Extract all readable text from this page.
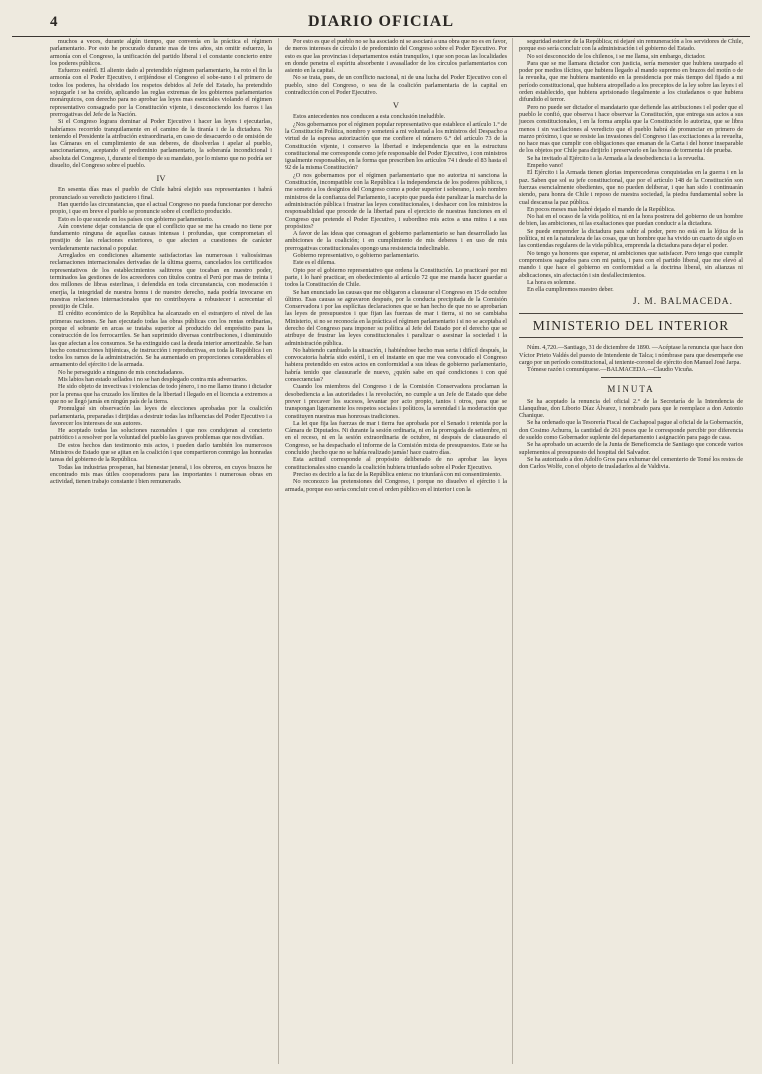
4	DIARIO OFICIAL

muchos a veces, durante algún tiempo, que convenía en la práctica el régimen parlamentario. Por esto he procurado durante mas de tres años, sin omitir esfuerzo, la armonía con el Congreso, la unificación del partido liberal i el constante concierto entre los poderes públicos.

Esfuerzo estéril. El aliento dado al pretendido régimen parlamentario, ha roto el fin la armonía con el Poder Ejecutivo, i erijiéndose el Congreso el sobe-rano i el primero de todos los poderes, ha olvidado los respetos debidos al Jefe del Estado, ha pretendido sojuzgarle i se ha creído, aplicando las reglas extremas de los gobiernos parlamentarios monárquicos, con derecho para no aprobar las leyes mas esenciales violando el régimen representativo consagrado por la Constitución vijente, i desconociendo los fueros i las prerrogativas del Jefe de la Nación.

Si el Congreso lograra dominar al Poder Ejecutivo i hacer las leyes i ejecutarlas, habríamos recorrido tranquilamente en el camino de la tiranía i de la dictadura. No teniendo el Presidente la atribución extraordinaria, en caso de desacuerdo o de omisión de las Cámaras en el cumplimiento de sus deberes, de disolverlas i apelar al pueblo, sancionaríamos, aceptando el predominio parlamentario, la soberanía incondicional i absoluta del Congreso, i, durante el tiempo de su mandato, por lo mismo que no podría ser disuelto, del Congreso sobre el pueblo.

IV

En sesenta días mas el pueblo de Chile habrá elejido sus representantes i habrá pronunciado su veredicto justiciero i final.

Han querido las circunstancias, que el actual Congreso no pueda funcionar por derecho propio, i que en breve el pueblo se pronuncie sobre el conflicto producido.

Esto es lo que sucede en los países con gobierno parlamentario.

Aún conviene dejar constancia de que el conflicto que se me ha creado no tiene por fundamento ninguna de aquellas causas intensas i profundas, que comprometan el prestijio de las relaciones exteriores, o que afecten a cuestiones de carácter verdaderamente nacional o popular.

Arreglados en condiciones altamente satisfactorias las numerosas i valiosísimas reclamaciones internacionales derivadas de la última guerra, cancelados los certificados representativos de los establecimientos salitreros que tocaban en nuestro poder, terminados las gestiones de los acreedores con títulos contra el Perú por mas de treinta i dos millones de libras esterlinas, i defendida en toda circunstancia, con moderación i enerjía, la integridad de nuestra honra i de nuestro derecho, nada podría invocarse en nuestras relaciones internacionales que no contribuyera a robustecer i acrecentar el prestijio de Chile.

El crédito económico de la República ha alcanzado en el estranjero el nivel de las primeras naciones. Se han ejecutado todas las obras públicas con los rentas ordinarias, porque el sobrante en arcas se trataba superior al producido del empréstito para la construcción de los ferrocarriles. Se han suprimido diversas contribuciones, i disminuido las que afectan a los consumos. Se ha extinguido casi la deuda interior amortizable. Se han hecho construcciones hijiénicas, de instrucción i reproductivas, en toda la República i en todos los ramos de la administración. Se ha aumentado en proporciones considerables el armamento del ejército i de la armada.

No he perseguido a ninguno de mis conciudadanos.

Mis labios han estado sellados i no se han desplegado contra mis adversarios.

He sido objeto de invectivas i violencias de todo jénero, i no me llamo tirano i dictador por la prensa que ha cruzado los límites de la libertad i llegado en el licencia a extremos a que no se llegó jamás en ningún país de la tierra.

Promulgué sin observación las leyes de elecciones aprobadas por la coalición parlamentaria, preparadas i dirijidas a destruir todas las influencias del Poder Ejecutivo i a favorecer los intereses de sus autores.

He aceptado todas las soluciones razonables i que nos condujeran al concierto patriótico i a resolver por la voluntad del pueblo las graves problemas que nos dividían.

De estos hechos dan testimonio mis actos, i pueden darlo también los numerosos Ministros de Estado que se ajitan en la coalición i que compartieron conmigo las honradas tareas del gobierno de la República.

Todas las industrias prosperan, hai bienestar jeneral, i los obreros, en cuyos brazos he encontrado mis mas útiles cooperadores para las importantes i numerosas obras en actividad, tienen trabajo constante i bien remunerado.

Por esto es que el pueblo no se ha asociado ni se asociará a una obra que no es en favor, de meros intereses de círculo i de predominio del Congreso sobre el Poder Ejecutivo. Por esto es que las provincias i departamentos están tranquilos, i que son pocas las localidades en donde penetra el espíritu absorbente i avasallador de los círculos parlamentarios con asiento en la capital.

No se trata, pues, de un conflicto nacional, ni de una lucha del Poder Ejecutivo con el pueblo, sino del Congreso, o sea de la coalición parlamentaria de la capital en contradicción con el Poder Ejecutivo.

V

Estos antecedentes nos conducen a esta conclusión ineludible.

¿Nos gobernamos por el régimen popular representativo que establece el artículo 1.° de la Constitución Política, nombro y someterá a mi voluntad a los ministros del Despacho a virtud de la espresa autorización que me confiere el número 6.° del artículo 73 de la Constitución vijente, i conservo la libertad e independencia que en la estructura constitucional me corresponde como jefe responsable del Poder Ejecutivo, i con ministros igualmente responsables, en la forma que prescriben los artículos 74 i desde el 83 hasta el 92 de la misma Constitución?

¿O nos gobernamos por el régimen parlamentario que no autoriza ni sanciona la Constitución, incompatible con la República i la independencia de los poderes públicos, i me someto a los designios del Congreso como a poder superior i soberano, i solo nombro ministros de la confianza del Parlamento, i acepto que pueda éste paralizar la marcha de la administración pública i frustrar las leyes constitucionales, i deshacer con los ministros la responsabilidad que procede de la libertad para el ejercicio de nuestras funciones en el Congreso que pretende el Poder Ejecutivo, i subordino mis actos a una mitra i a sus propósitos?

A favor de las ideas que consagran el gobierno parlamentario se han desarrollado las ambiciones de la coalición; i en cumplimiento de mis deberes i en uso de mis prerrogativas constitucionales opongo una resistencia indeclinable.

Gobierno representativo, o gobierno parlamentario.

Este es el dilema.

Opto por el gobierno representativo que ordena la Constitución. Lo practicaré por mi parte, i lo haré practicar, en obedecimiento al artículo 72 que me manda hacer guardar a todos la Constitución de Chile.

Se han enunciado las causas que me obligaron a clausurar el Congreso en 15 de octubre último. Esas causas se agravaron después, por la conducta precipitada de la Comisión Conservadora i por las esplícitas declaraciones que se han hecho de que no se aprobarían las leyes de presupuestos i que fijan las fuerzas de mar i tierra, si no se cambiaba Ministerio, si no se reconocía en la práctica el régimen parlamentario i si no se aceptaba el derecho del Congreso para imponer su política al Jefe del Estado por el derecho que se atribuye de frustrar las leyes constitucionales i paralizar o asesinar la sociedad i la administración pública.

No habiendo cambiado la situación, i habiéndose hecho mas seria i difícil después, la convocatoria habría sido estéril, i en el instante en que me vea convocado el Congreso habiera pretendido en estos actos en conformidad a sus ideas de gobierno parlamentario, habría tenido que clausurarle de nuevo, ¿quién sabe en qué condiciones i con qué consecuencias?

Cuando los miembros del Congreso i de la Comisión Conservadora proclaman la desobediencia a las autoridades i la revolución, no cumple a un Jefe de Estado que debe prever i precaver los sucesos, levantar por acto propio, tantos i otros, para que se transpongan ligeramente los respetos sociales i políticos, la serenidad i la moderación que constituyen nuestras mas honrosas tradiciones.

La lei que fija las fuerzas de mar i tierra fue aprobada por el Senado i retenida por la Cámara de Diputados. Ni durante la sesión ordinaria, ni en la prorrogada de setiembre, ni en el receso, ni en la sesión extraordinaria de octubre, ni después de clausurado el Congreso, se ha despachado el informe de la Comisión mixta de presupuestos. Este se ha concluido ¡hecho que no se había realizado jamás! hace cuatro días.

Esta actitud corresponde al propósito deliberado de no aprobar las leyes constitucionales sino cuando la coalición hubiera triunfado sobre el Poder Ejecutivo.

Preciso es decirlo a la faz de la República entera: no triunfará con mi consentimiento.

No reconozco las pretensiones del Congreso, i porque no disuelvo el ejército i la armada, porque eso sería concluir con el orden público en el interior i con la

seguridad esterior de la República; ni dejaré sin remuneración a los servidores de Chile, porque eso sería concluir con la administración i el gobierno del Estado.

No soi desconocido de los chilenos, i se me llama, sin embargo, dictador.

Para que se me llamara dictador con justicia, sería menester que hubiera usurpado el poder por medios ilícitos, que hubiera llegado al mando supremo en brazos del motín o de la revuelta, que me hubiera mantenido en la presidencia por más tiempo del fijado a mi período constitucional, que hubiera atropellado a los preceptos de la ley sobre las leyes i el orden establecido, que hubiera aprisionado ilegalmente a los ciudadanos o que hubiera difundido el terror.

Pero no puede ser dictador el mandatario que defiende las atribuciones i el poder que el pueblo le confió, que observa i hace observar la Constitución, que entrega sus actos a sus jueces constitucionales, i en la forma amplia que la Constitución lo autoriza, que se libra menos i sin vacilaciones al veredicto que el pueblo habrá de pronunciar en primero de marzo próximo, i que se resiste las invasiones del Congreso i las excitaciones a la revuelta, no hace mas que cumplir con obligaciones que emanan de la Carta i del honor inseparable de los objetos por Chile para dirijirlo i preservarlo en las horas de tormenta i de prueba.

Se ha invitado al Ejército i a la Armada a la desobediencia i a la revuelta.

Empeño vano!

El Ejército i la Armada tienen glorias imperecederas conquistadas en la guerra i en la paz. Saben que sol su jefe constitucional, que por el artículo 148 de la Constitución son fuerzas esencialmente obedientes, que no pueden deliberar, i que han sido i continuarán siendo, para honra de Chile i reposo de nuestra sociedad, la piedra fundamental sobre la cual descansa la paz pública.

En pocos meses mas habré dejado el mando de la República.

No hai en el ocaso de la vida política, ni en la hora postrera del gobierno de un hombre de bien, las ambiciones, ni las exaltaciones que puedan conducir a la dictadura.

Se puede emprender la dictadura para subir al poder, pero no está en la lójica de la política, ni en la naturaleza de las cosas, que un hombre que ha vivido un cuarto de siglo en las contiendas regulares de la vida pública, emprenda la dictadura para dejar el poder.

No tengo ya honores que esperar, ni ambiciones que satisfacer. Pero tengo que cumplir compromisos sagrados para con mi patria, i para con el partido liberal, que me elevó al mando i que hace el gobierno en conformidad a la doctrina liberal, sin alianzas ni abdicaciones, sin afectación i sin desfallecimientos.

La hora es solemne.

En ella cumpliremos nuestro deber.

J. M. BALMACEDA.
MINISTERIO DEL INTERIOR

Núm. 4,720.—Santiago, 31 de diciembre de 1890. —Acéptase la renuncia que hace don Víctor Prieto Valdés del puesto de Intendente de Talca; i nómbrase para que desempeñe ese cargo por un período constitucional, al teniente-coronel de ejército don Manuel José Jarpa.

Tómese razón i comuníquese.—BALMACEDA.—Claudio Vicuña.

MINUTA

Se ha aceptado la renuncia del oficial 2.° de la Secretaría de la Intendencia de Llanquihue, don Liborio Díaz Álvarez, i nombrado para que le reemplace a don Antonio Chanique.

Se ha ordenado que la Tesorería Fiscal de Cachapoal pague al oficial de la Gobernación, don Cosimo Achurra, la cantidad de 261 pesos que le corresponde percibir por diferencia de sueldo como Gobernador suplente del departamento i asignación para pago de casa.

Se ha aprobado un acuerdo de la Junta de Beneficencia de Santiago que concede varios suplementos al presupuesto del hospital del Salvador.

Se ha autorizado a don Adolfo Gros para exhumar del cementerio de Tomé los restos de don Carlos Wolfe, con el objeto de trasladarlos al de Valdivia.
